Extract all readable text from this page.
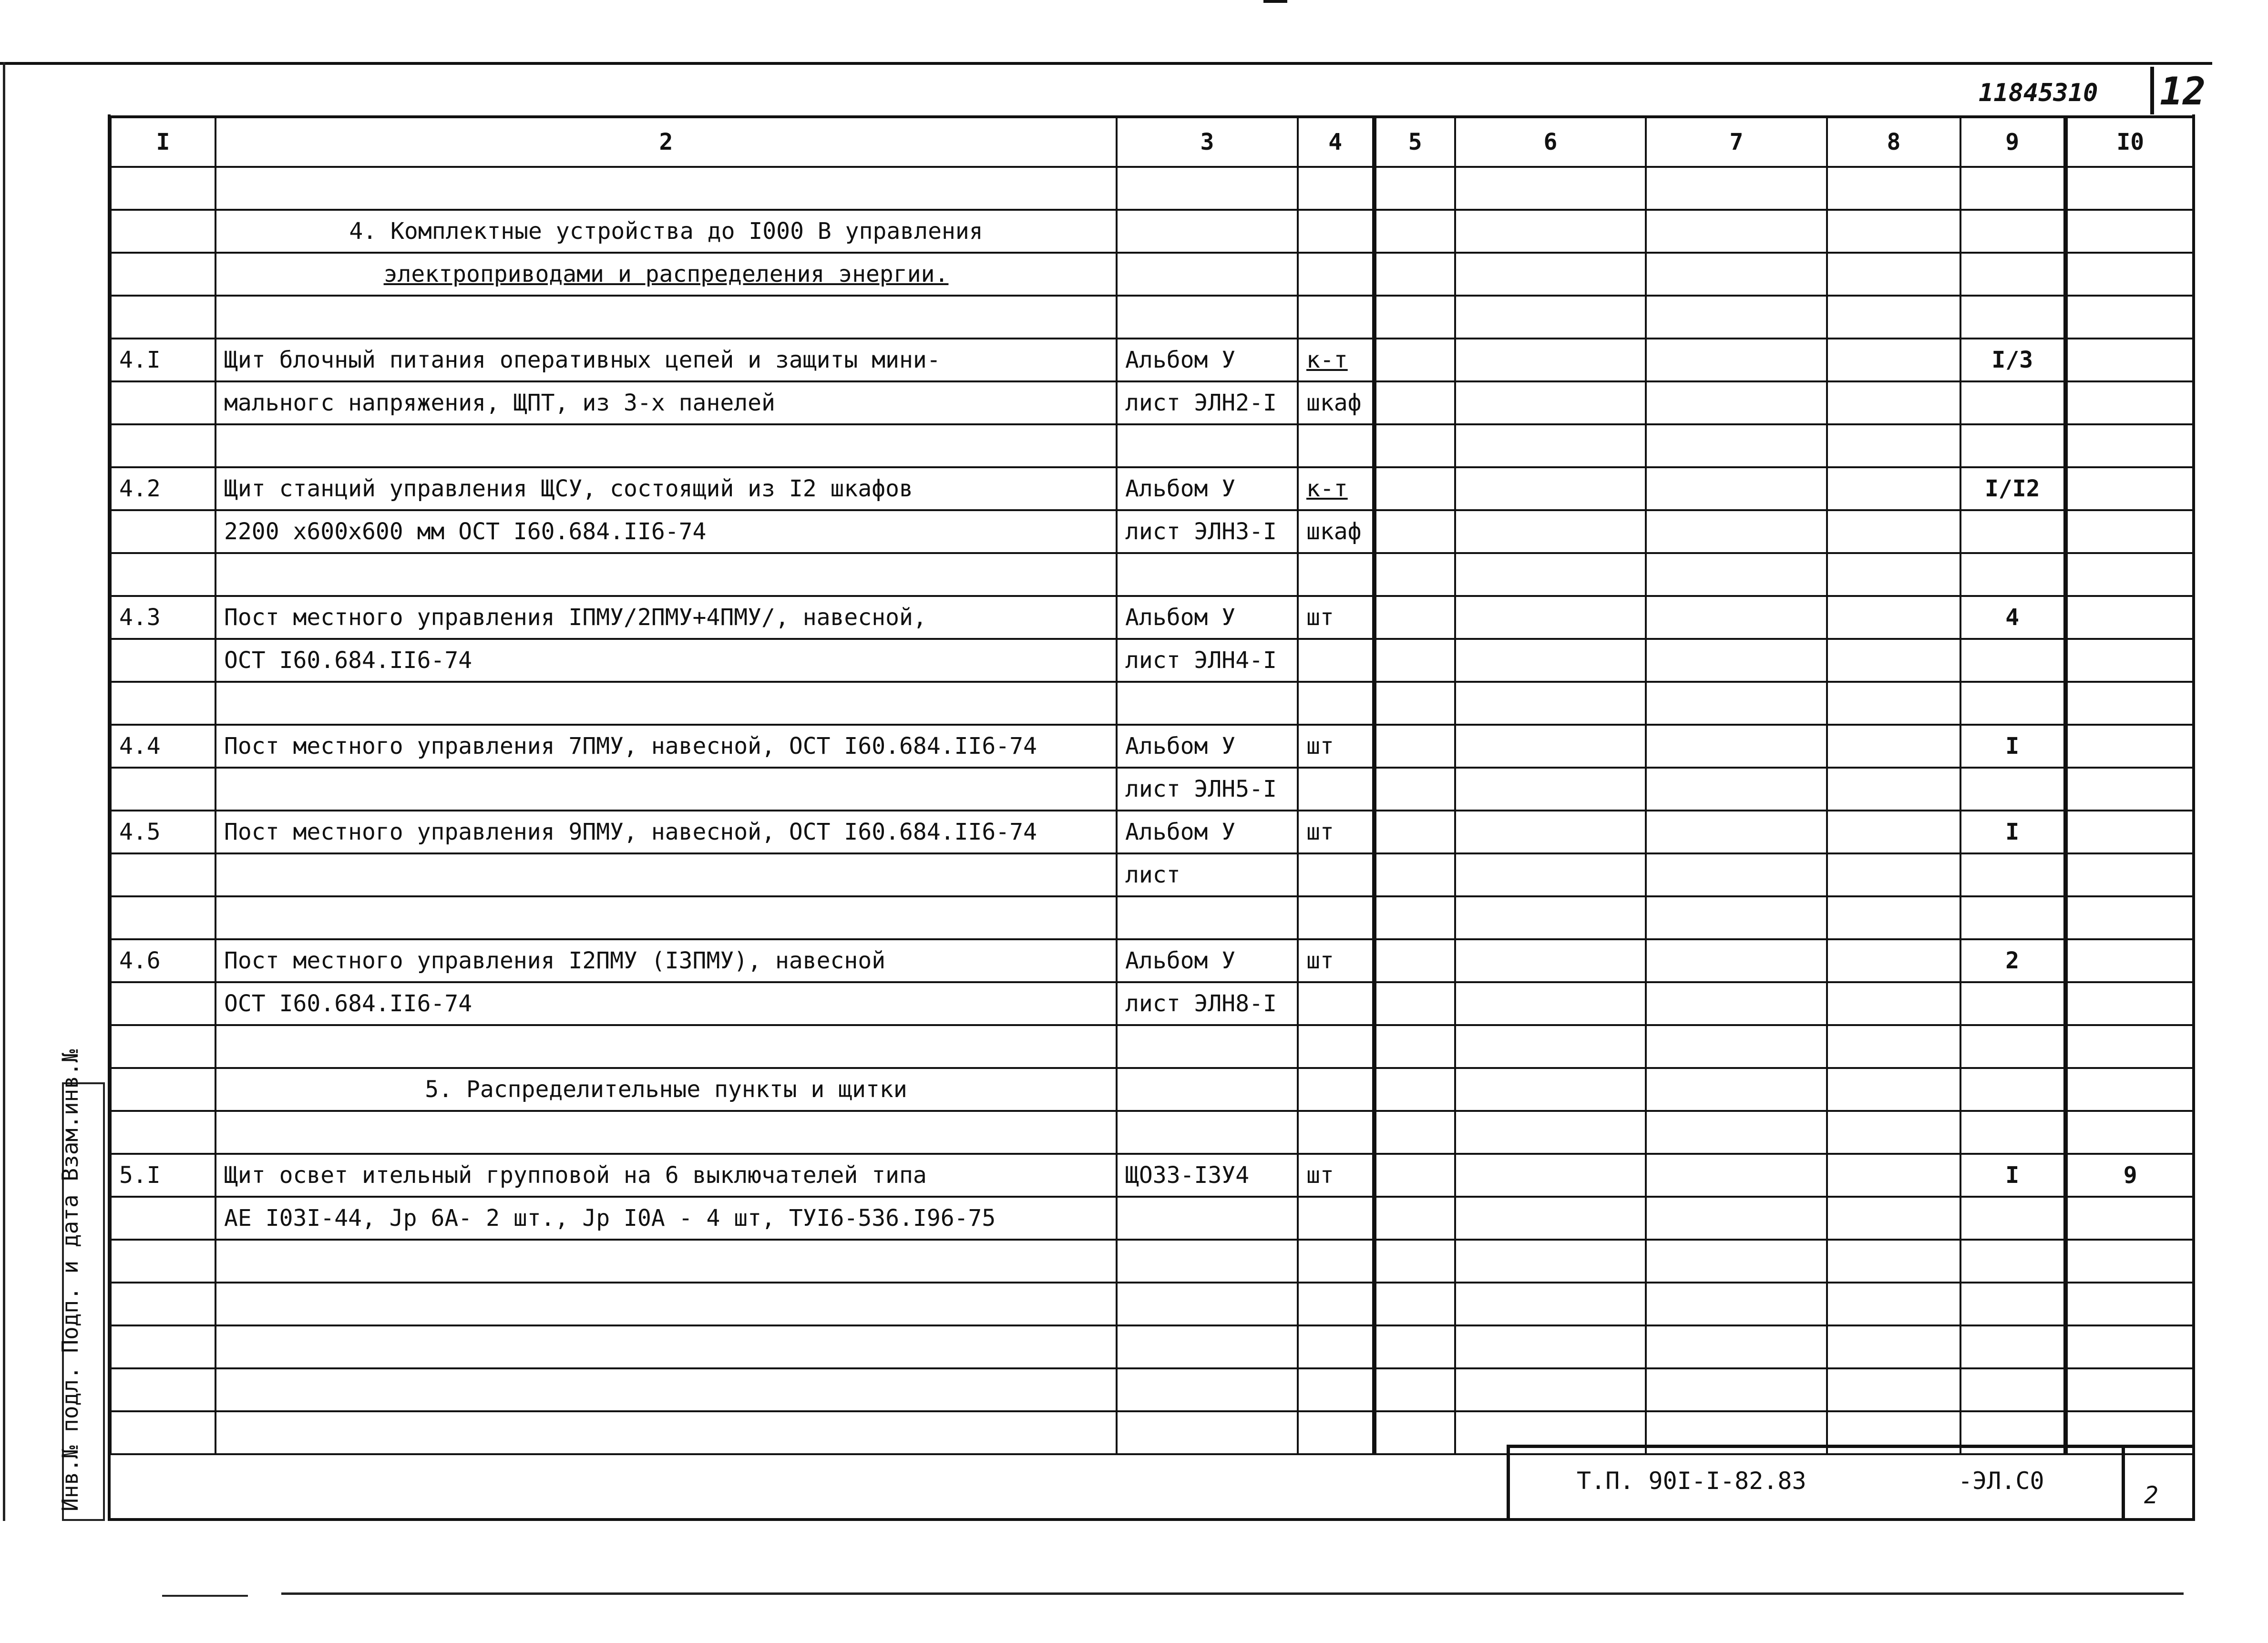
11845310 12
I	2	3	4	5	6	7	8	9	I0

	4. Комплектные устройства до I000 В управления								
	электроприводами и распределения энергии.								

4.I	Щит блочный питания оперативных цепей и защиты мини-	Альбом У	к-т					I/3	
	мальногс напряжения, ЩПТ, из 3-х панелей	лист ЭЛН2-I	шкаф						

4.2	Щит станций управления ЩСУ, состоящий из I2 шкафов	Альбом У	к-т					I/I2	
	2200 х600х600 мм ОСТ I60.684.II6-74	лист ЭЛН3-I	шкаф						

4.3	Пост местного управления IПМУ/2ПМУ+4ПМУ/, навесной,	Альбом У	шт					4	
	ОСТ I60.684.II6-74	лист ЭЛН4-I							

4.4	Пост местного управления 7ПМУ, навесной, ОСТ I60.684.II6-74	Альбом У	шт					I	
		лист ЭЛН5-I							
4.5	Пост местного управления 9ПМУ, навесной, ОСТ I60.684.II6-74	Альбом У	шт					I	
		лист							

4.6	Пост местного управления I2ПМУ (I3ПМУ), навесной	Альбом У	шт					2	
	ОСТ I60.684.II6-74	лист ЭЛН8-I							

	5. Распределительные пункты и щитки								

5.I	Щит освет ительный групповой на 6 выключателей типа	ЩО33-I3У4	шт					I	9
	АЕ I03I-44, Јр 6А- 2 шт., Јр I0А - 4 шт, ТУI6-536.I96-75								

Т.П. 90I-I-82.83	-ЭЛ.С0
2
Инв.№ подл. Подп. и дата Взам.инв.№
